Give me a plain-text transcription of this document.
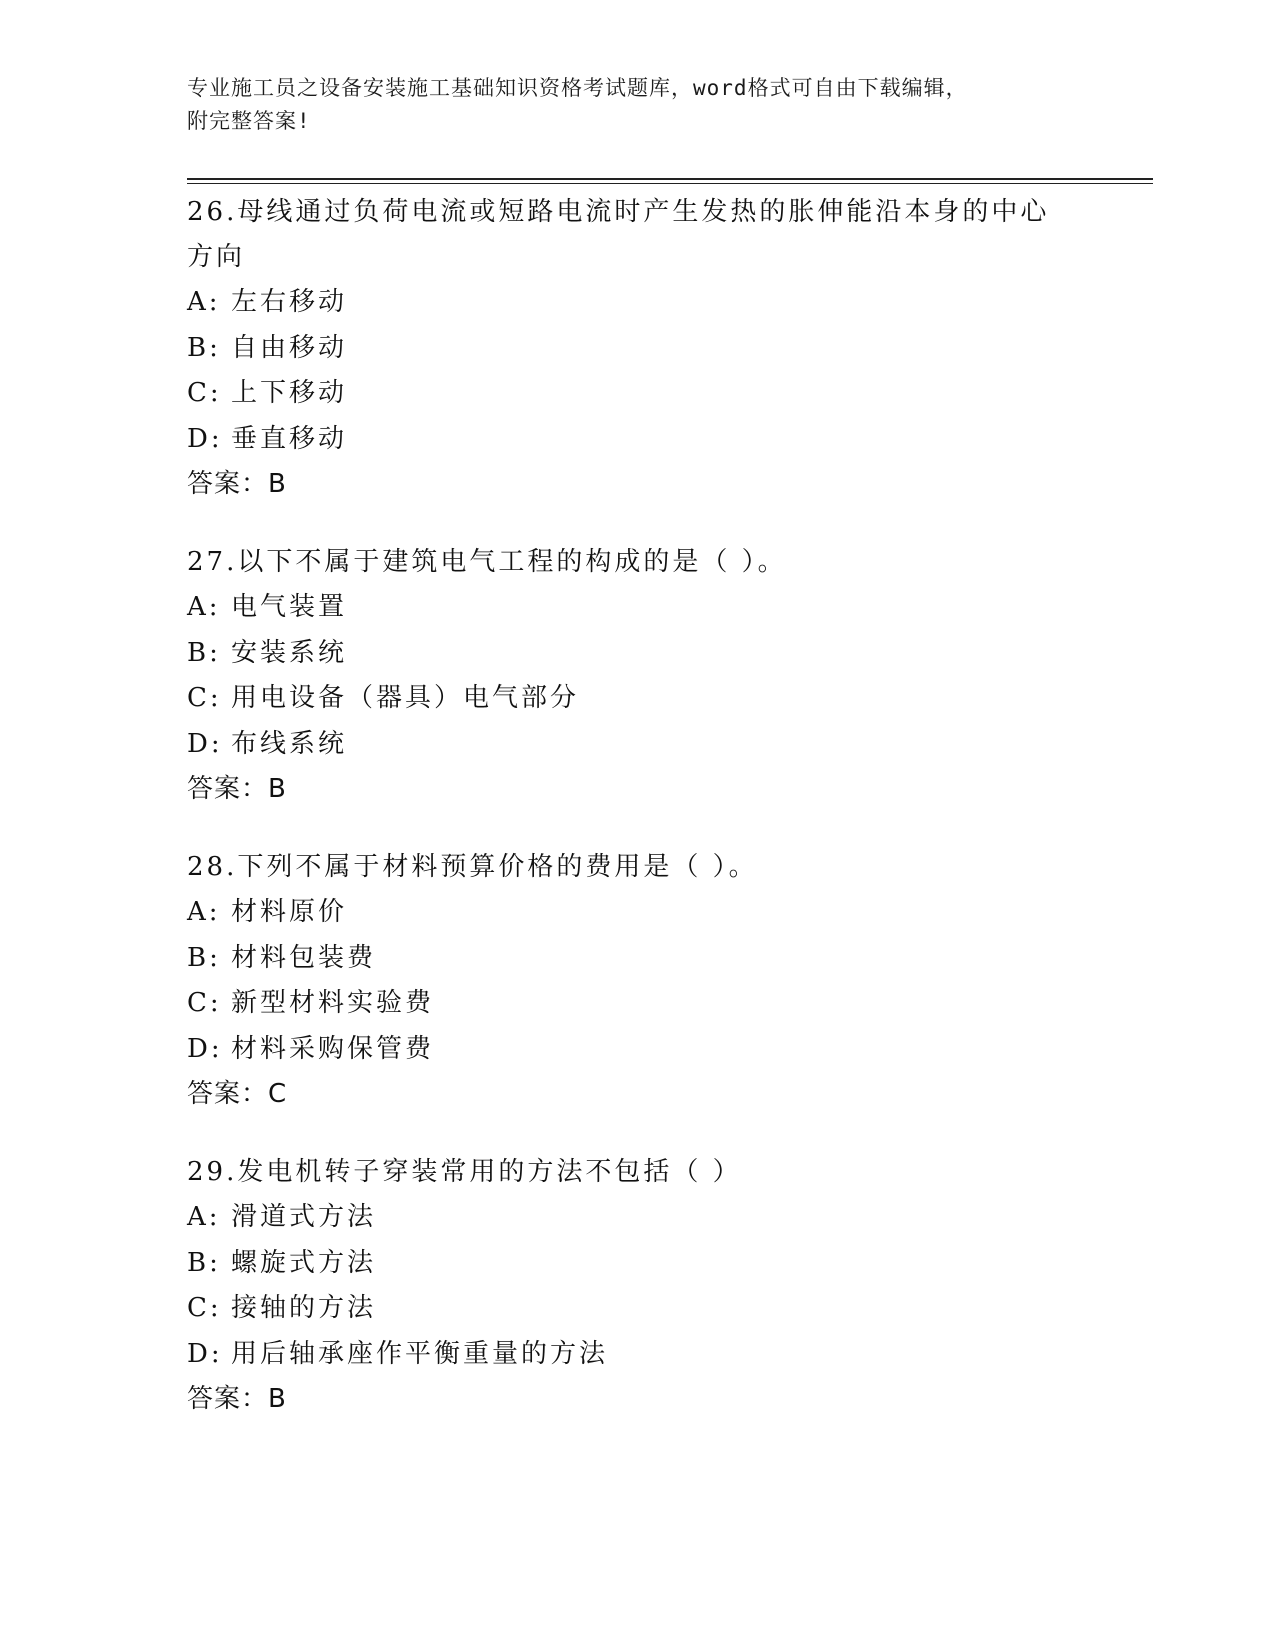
专业施工员之设备安装施工基础知识资格考试题库，word格式可自由下载编辑，
附完整答案!
26.母线通过负荷电流或短路电流时产生发热的胀伸能沿本身的中心方向
A: 左右移动
B: 自由移动
C: 上下移动
D: 垂直移动
答案：B
27.以下不属于建筑电气工程的构成的是（ ）。
A: 电气装置
B: 安装系统
C: 用电设备（器具）电气部分
D: 布线系统
答案：B
28.下列不属于材料预算价格的费用是（ ）。
A: 材料原价
B: 材料包装费
C: 新型材料实验费
D: 材料采购保管费
答案：C
29.发电机转子穿装常用的方法不包括（ ）
A: 滑道式方法
B: 螺旋式方法
C: 接轴的方法
D: 用后轴承座作平衡重量的方法
答案：B
